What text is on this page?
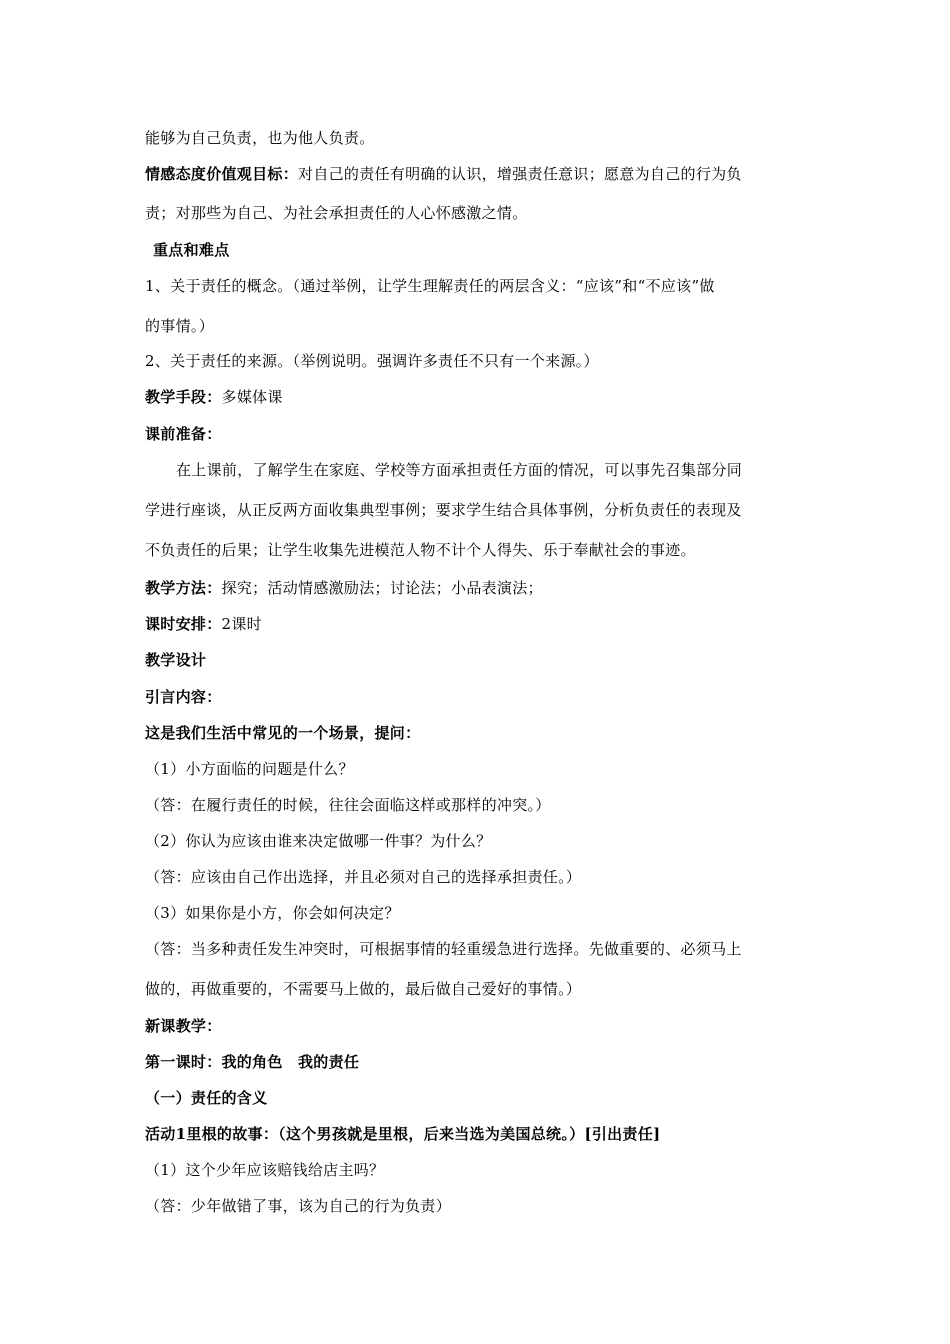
能够为自己负责，也为他人负责。
情感态度价值观目标：对自己的责任有明确的认识，增强责任意识；愿意为自己的行为负
责；对那些为自己、为社会承担责任的人心怀感激之情。
重点和难点
1、关于责任的概念。（通过举例，让学生理解责任的两层含义：“应该”和“不应该”做
的事情。）
2、关于责任的来源。（举例说明。强调许多责任不只有一个来源。）
教学手段：多媒体课
课前准备：
在上课前，了解学生在家庭、学校等方面承担责任方面的情况，可以事先召集部分同
学进行座谈，从正反两方面收集典型事例；要求学生结合具体事例，分析负责任的表现及
不负责任的后果；让学生收集先进模范人物不计个人得失、乐于奉献社会的事迹。
教学方法：探究；活动情感激励法；讨论法；小品表演法；
课时安排：2课时
教学设计
引言内容：
这是我们生活中常见的一个场景，提问：
（1）小方面临的问题是什么？
（答：在履行责任的时候，往往会面临这样或那样的冲突。）
（2）你认为应该由谁来决定做哪一件事？为什么？
（答：应该由自己作出选择，并且必须对自己的选择承担责任。）
（3）如果你是小方，你会如何决定？
（答：当多种责任发生冲突时，可根据事情的轻重缓急进行选择。先做重要的、必须马上
做的，再做重要的，不需要马上做的，最后做自己爱好的事情。）
新课教学：
第一课时：我的角色　我的责任
（一）责任的含义
活动1里根的故事：（这个男孩就是里根，后来当选为美国总统。）[引出责任]
（1）这个少年应该赔钱给店主吗？
（答：少年做错了事，该为自己的行为负责）
